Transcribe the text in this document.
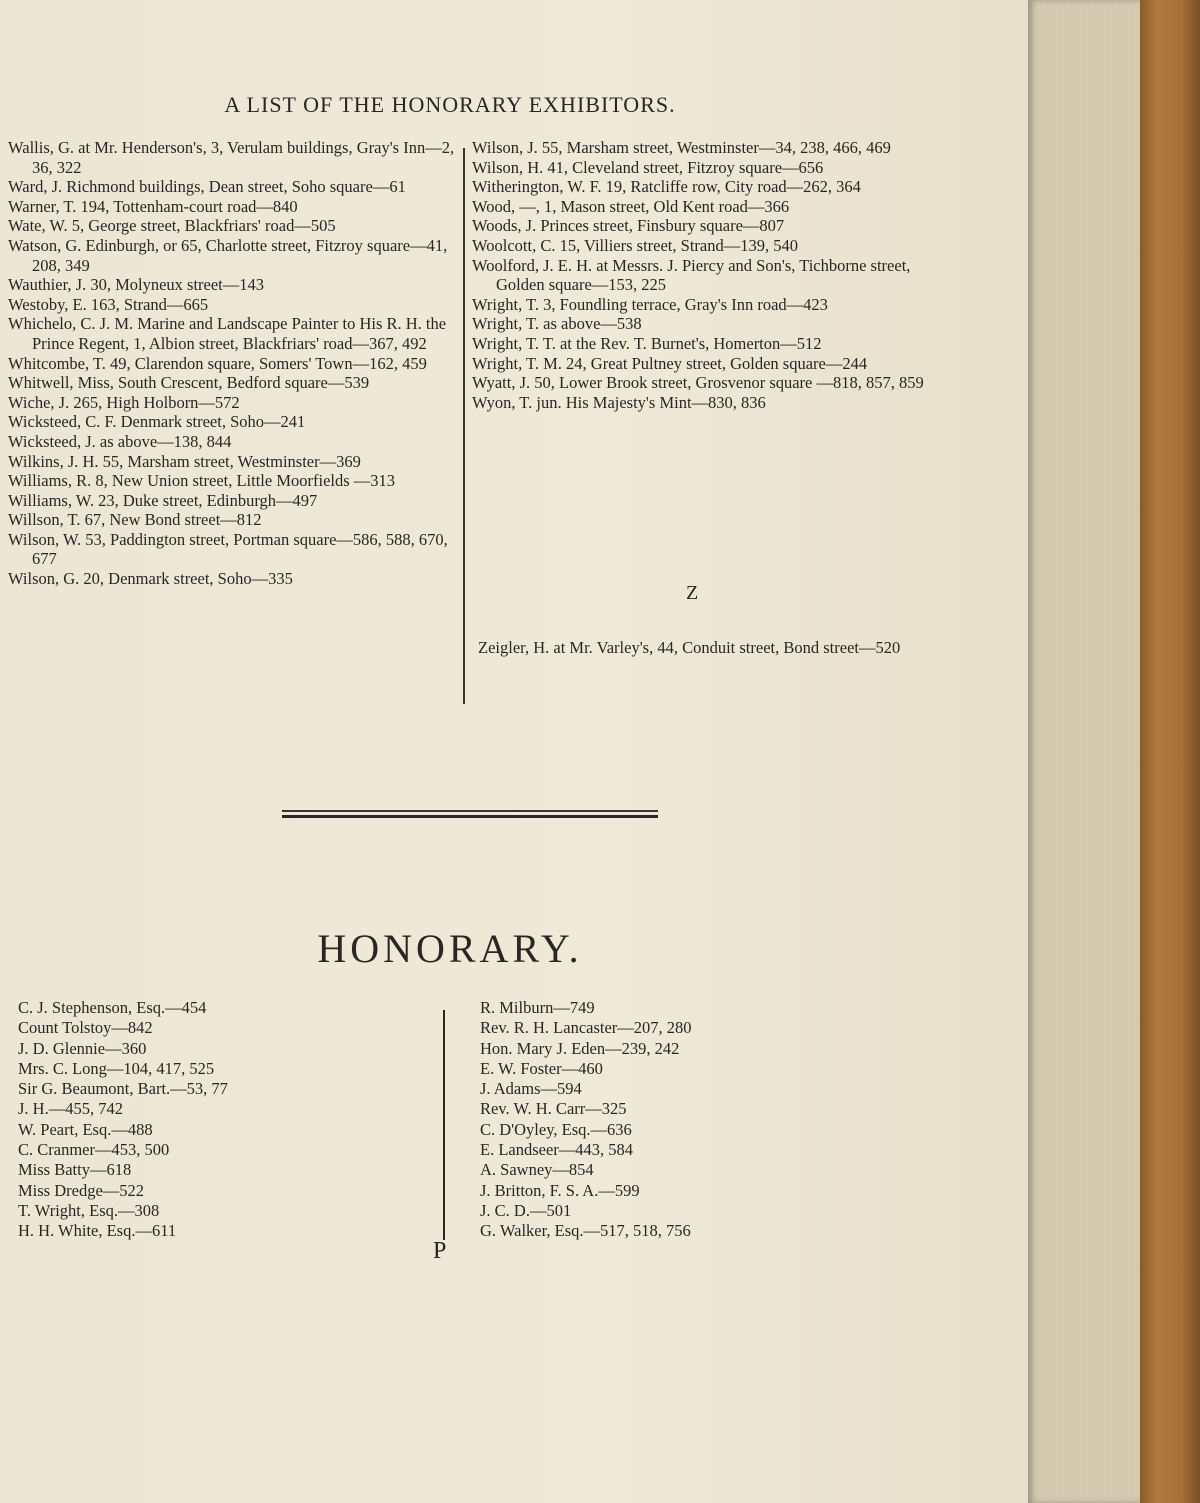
A LIST OF THE HONORARY EXHIBITORS.

Wallis, G. at Mr. Henderson's, 3, Verulam buildings, Gray's Inn—2, 36, 322

Ward, J. Richmond buildings, Dean street, Soho square—61

Warner, T. 194, Tottenham-court road—840

Wate, W. 5, George street, Blackfriars' road—505

Watson, G. Edinburgh, or 65, Charlotte street, Fitzroy square—41, 208, 349

Wauthier, J. 30, Molyneux street—143

Westoby, E. 163, Strand—665

Whichelo, C. J. M. Marine and Landscape Painter to His R. H. the Prince Regent, 1, Albion street, Blackfriars' road—367, 492

Whitcombe, T. 49, Clarendon square, Somers' Town—162, 459

Whitwell, Miss, South Crescent, Bedford square—539

Wiche, J. 265, High Holborn—572

Wicksteed, C. F. Denmark street, Soho—241

Wicksteed, J. as above—138, 844

Wilkins, J. H. 55, Marsham street, Westminster—369

Williams, R. 8, New Union street, Little Moorfields —313

Williams, W. 23, Duke street, Edinburgh—497

Willson, T. 67, New Bond street—812

Wilson, W. 53, Paddington street, Portman square—586, 588, 670, 677

Wilson, G. 20, Denmark street, Soho—335

Wilson, J. 55, Marsham street, Westminster—34, 238, 466, 469

Wilson, H. 41, Cleveland street, Fitzroy square—656

Witherington, W. F. 19, Ratcliffe row, City road—262, 364

Wood, —, 1, Mason street, Old Kent road—366

Woods, J. Princes street, Finsbury square—807

Woolcott, C. 15, Villiers street, Strand—139, 540

Woolford, J. E. H. at Messrs. J. Piercy and Son's, Tichborne street, Golden square—153, 225

Wright, T. 3, Foundling terrace, Gray's Inn road—423

Wright, T. as above—538

Wright, T. T. at the Rev. T. Burnet's, Homerton—512

Wright, T. M. 24, Great Pultney street, Golden square—244

Wyatt, J. 50, Lower Brook street, Grosvenor square —818, 857, 859

Wyon, T. jun. His Majesty's Mint—830, 836

Z

Zeigler, H. at Mr. Varley's, 44, Conduit street, Bond street—520

HONORARY.
C. J. Stephenson, Esq.—454
Count Tolstoy—842
J. D. Glennie—360
Mrs. C. Long—104, 417, 525
Sir G. Beaumont, Bart.—53, 77
J. H.—455, 742
W. Peart, Esq.—488
C. Cranmer—453, 500
Miss Batty—618
Miss Dredge—522
T. Wright, Esq.—308
H. H. White, Esq.—611
R. Milburn—749
Rev. R. H. Lancaster—207, 280
Hon. Mary J. Eden—239, 242
E. W. Foster—460
J. Adams—594
Rev. W. H. Carr—325
C. D'Oyley, Esq.—636
E. Landseer—443, 584
A. Sawney—854
J. Britton, F. S. A.—599
J. C. D.—501
G. Walker, Esq.—517, 518, 756
P
